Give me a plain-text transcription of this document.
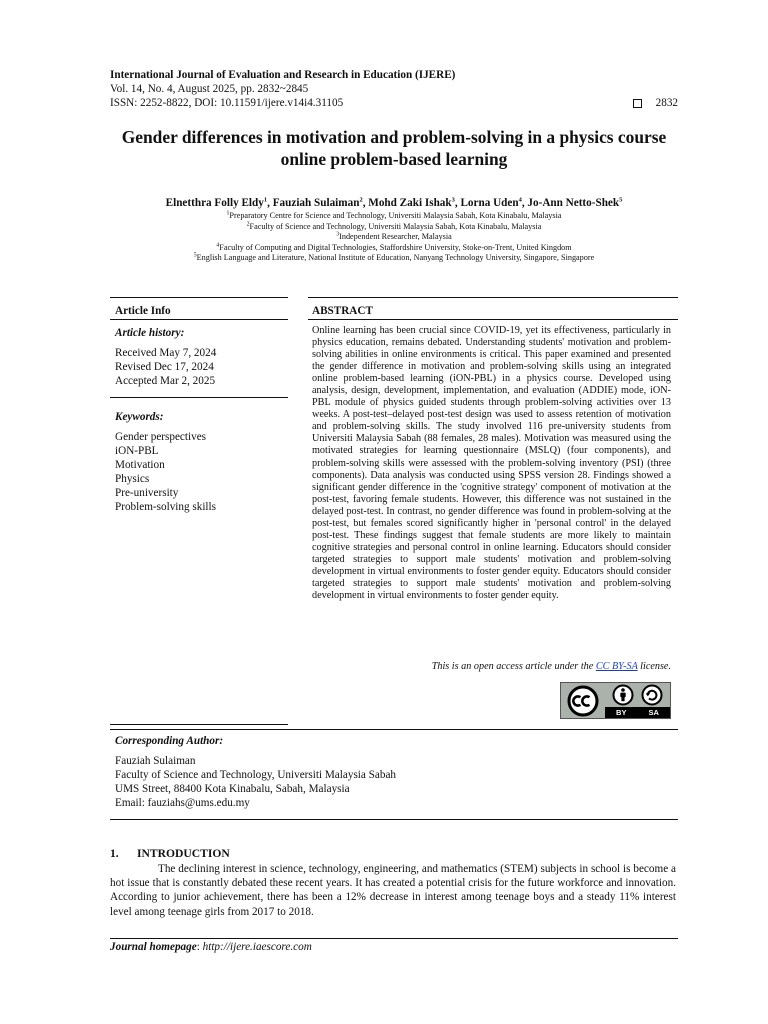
International Journal of Evaluation and Research in Education (IJERE)
Vol. 14, No. 4, August 2025, pp. 2832~2845
ISSN: 2252-8822, DOI: 10.11591/ijere.v14i4.31105	2832
Gender differences in motivation and problem-solving in a physics course online problem-based learning
Elnetthra Folly Eldy$^1$, Fauziah Sulaiman$^2$, Mohd Zaki Ishak$^3$, Lorna Uden$^4$, Jo-Ann Netto-Shek$^5$
$^1$Preparatory Centre for Science and Technology, Universiti Malaysia Sabah, Kota Kinabalu, Malaysia
$^2$Faculty of Science and Technology, Universiti Malaysia Sabah, Kota Kinabalu, Malaysia
$^3$Independent Researcher, Malaysia
$^4$Faculty of Computing and Digital Technologies, Staffordshire University, Stoke-on-Trent, United Kingdom
$^5$English Language and Literature, National Institute of Education, Nanyang Technology University, Singapore, Singapore
Article Info
Article history:
Received May 7, 2024
Revised Dec 17, 2024
Accepted Mar 2, 2025
Keywords:
Gender perspectives
iON-PBL
Motivation
Physics
Pre-university
Problem-solving skills
ABSTRACT
Online learning has been crucial since COVID-19, yet its effectiveness, particularly in physics education, remains debated. Understanding students' motivation and problem-solving abilities in online environments is critical. This paper examined and presented the gender difference in motivation and problem-solving skills using an integrated online problem-based learning (iON-PBL) in a physics course. Developed using analysis, design, development, implementation, and evaluation (ADDIE) mode, iON-PBL module of physics guided students through problem-solving activities over 13 weeks. A post-test–delayed post-test design was used to assess retention of motivation and problem-solving skills. The study involved 116 pre-university students from Universiti Malaysia Sabah (88 females, 28 males). Motivation was measured using the motivated strategies for learning questionnaire (MSLQ) (four components), and problem-solving skills were assessed with the problem-solving inventory (PSI) (three components). Data analysis was conducted using SPSS version 28. Findings showed a significant gender difference in the 'cognitive strategy' component of motivation at the post-test, favoring female students. However, this difference was not sustained in the delayed post-test. In contrast, no gender difference was found in problem-solving at the post-test, but females scored significantly higher in 'personal control' in the delayed post-test. These findings suggest that female students are more likely to maintain cognitive strategies and personal control in online learning. Educators should consider targeted strategies to support male students' motivation and problem-solving development in virtual environments to foster gender equity. Educators should consider targeted strategies to support male students' motivation and problem-solving development in virtual environments to foster gender equity.
This is an open access article under the CC BY-SA license.
BY	SA
Corresponding Author:
Fauziah Sulaiman
Faculty of Science and Technology, Universiti Malaysia Sabah
UMS Street, 88400 Kota Kinabalu, Sabah, Malaysia
Email: fauziahs@ums.edu.my
1. INTRODUCTION
The declining interest in science, technology, engineering, and mathematics (STEM) subjects in school is become a hot issue that is constantly debated these recent years. It has created a potential crisis for the future workforce and innovation. According to junior achievement, there has been a 12% decrease in interest among teenage boys and a steady 11% interest level among teenage girls from 2017 to 2018.
Journal homepage: http://ijere.iaescore.com
